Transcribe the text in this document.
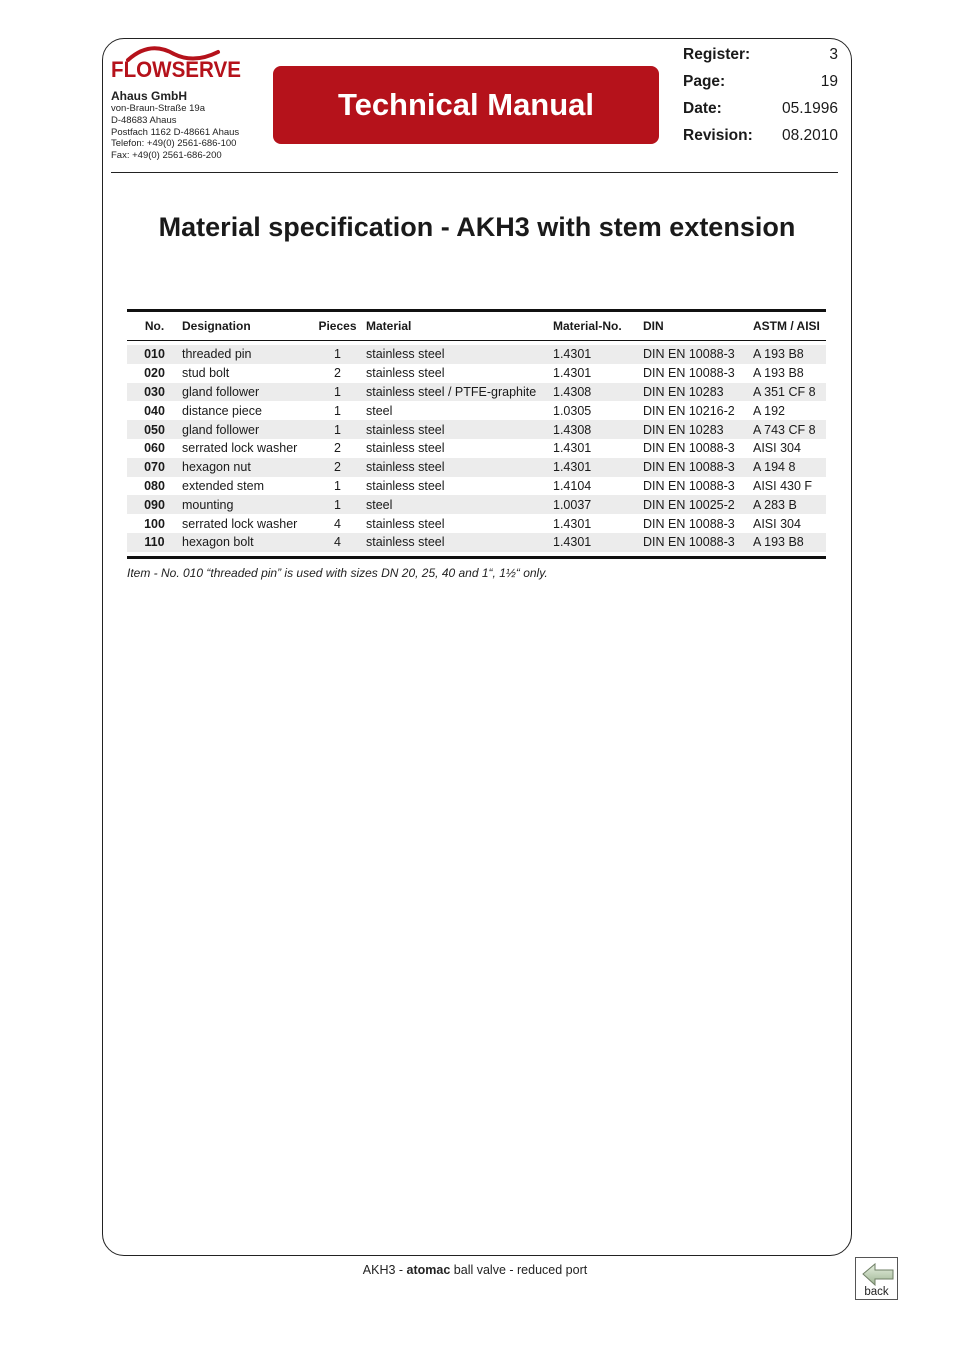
FLOWSERVE
Ahaus GmbH
von-Braun-Straße 19a
D-48683 Ahaus
Postfach 1162 D-48661 Ahaus
Telefon: +49(0) 2561-686-100
Fax: +49(0) 2561-686-200
Technical Manual
Register:	3
Page:	19
Date:	05.1996
Revision: 08.2010
Material specification - AKH3 with stem extension
No.	Designation	Pieces Material	Material-No.	DIN	ASTM / AISI
010	threaded pin	1	stainless steel	1.4301	DIN EN 10088-3	A 193 B8
020	stud bolt	2	stainless steel	1.4301	DIN EN 10088-3	A 193 B8
030	gland follower	1	stainless steel / PTFE-graphite	1.4308	DIN EN 10283	A 351 CF 8
040	distance piece	1	steel	1.0305	DIN EN 10216-2	A 192
050	gland follower	1	stainless steel	1.4308	DIN EN 10283	A 743 CF 8
060	serrated lock washer	2	stainless steel	1.4301	DIN EN 10088-3	AISI 304
070	hexagon nut	2	stainless steel	1.4301	DIN EN 10088-3	A 194 8
080	extended stem	1	stainless steel	1.4104	DIN EN 10088-3	AISI 430 F
090	mounting	1	steel	1.0037	DIN EN 10025-2	A 283 B
100	serrated lock washer	4	stainless steel	1.4301	DIN EN 10088-3	AISI 304
110	hexagon bolt	4	stainless steel	1.4301	DIN EN 10088-3	A 193 B8
Item - No. 010 “threaded pin” is used with sizes DN 20, 25, 40 and 1“, 1½“ only.
AKH3 - atomac ball valve - reduced port
back
